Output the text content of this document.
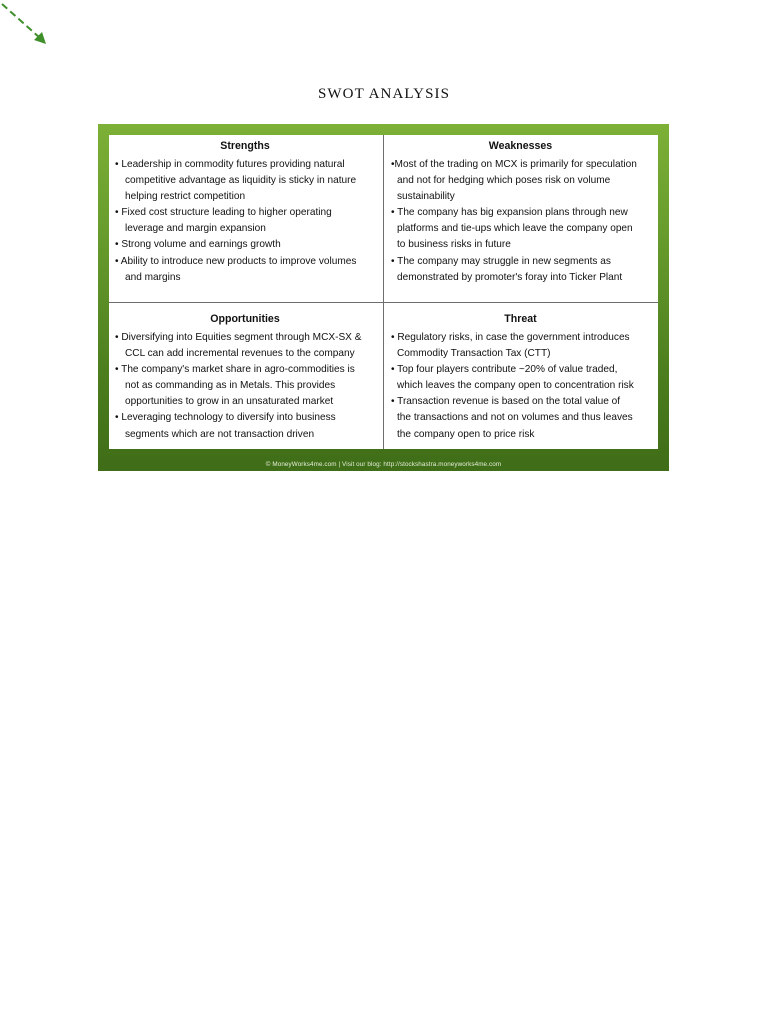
SWOT ANALYSIS
Strengths
• Leadership in commodity futures providing natural
competitive advantage as liquidity is sticky in nature
helping restrict competition
• Fixed cost structure leading to higher operating
leverage and margin expansion
• Strong volume and earnings growth
• Ability to introduce new products to improve volumes
and margins
Weaknesses
•Most of the trading on MCX is primarily for speculation
and not for hedging which poses risk on volume
sustainability
• The company has big expansion plans through new
platforms and tie-ups which leave the company open
to business risks in future
• The company may struggle in new segments as
demonstrated by promoter's foray into Ticker Plant
Opportunities
• Diversifying into Equities segment through MCX-SX &
CCL can add incremental revenues to the company
• The company's market share in agro-commodities is
not as commanding as in Metals. This provides
opportunities to grow in an unsaturated market
• Leveraging technology to diversify into business
segments which are not transaction driven
Threat
• Regulatory risks, in case the government introduces
Commodity Transaction Tax (CTT)
• Top four players contribute ~20% of value traded,
which leaves the company open to concentration risk
• Transaction revenue is based on the total value of
the transactions and not on volumes and thus leaves
the company open to price risk
© MoneyWorks4me.com | Visit our blog: http://stockshastra.moneyworks4me.com
